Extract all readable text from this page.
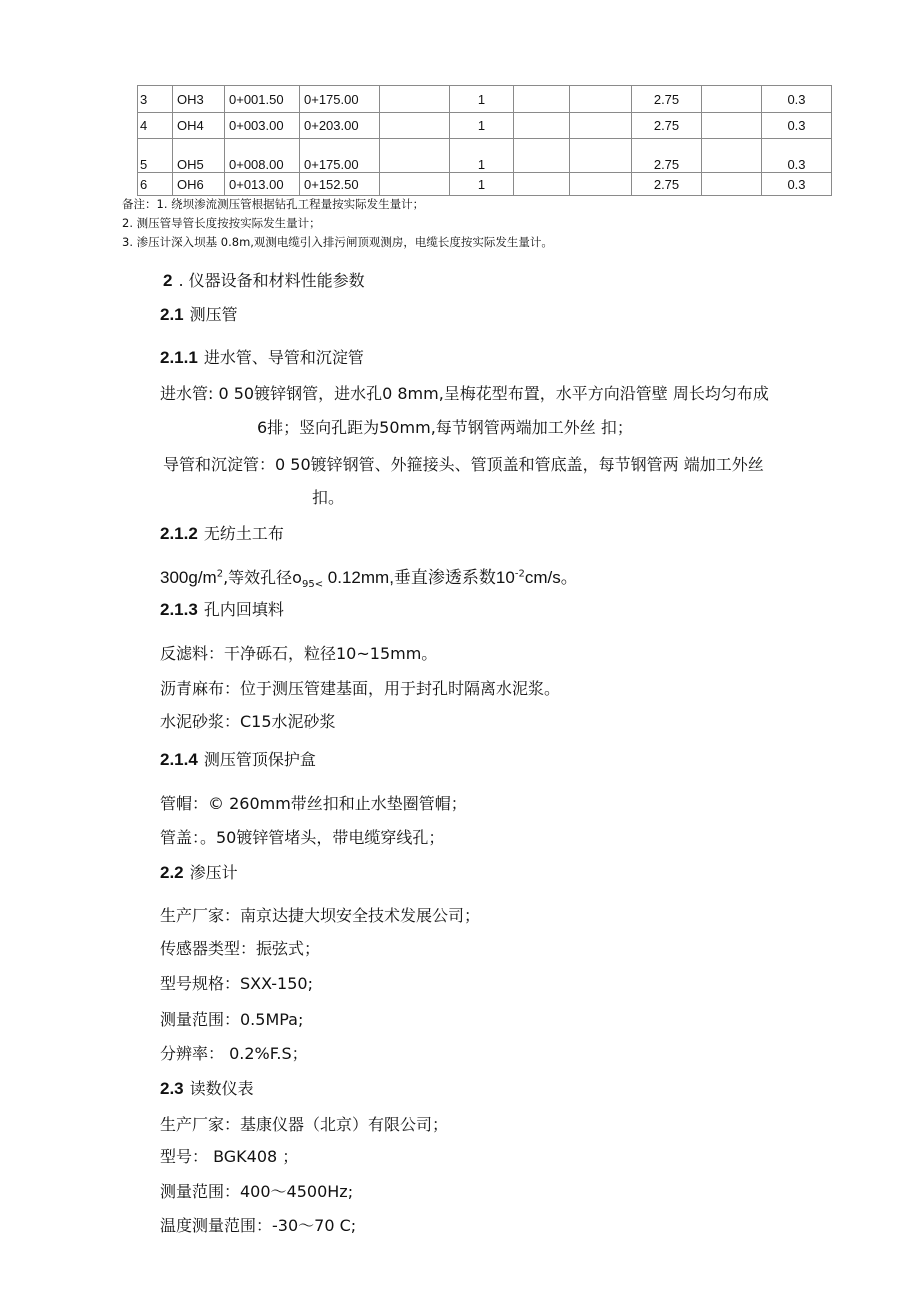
3	OH3	0+001.50	0+175.00		1			2.75		0.3
4	OH4	0+003.00	0+203.00		1			2.75		0.3
5	OH5	0+008.00	0+175.00		1			2.75		0.3
6	OH6	0+013.00	0+152.50		1			2.75		0.3
备注：1. 绕坝渗流测压管根据钻孔工程量按实际发生量计；
2. 测压管导管长度按按实际发生量计；
3. 渗压计深入坝基 0.8m,观测电缆引入排污闸顶观测房，电缆长度按实际发生量计。
2 . 仪器设备和材料性能参数
2.1 测压管
2.1.1 进水管、导管和沉淀管
进水管: 0 50镀锌钢管，进水孔0 8mm,呈梅花型布置，水平方向沿管壁 周长均匀布成
6排；竖向孔距为50mm,每节钢管两端加工外丝 扣；
导管和沉淀管：0 50镀锌钢管、外箍接头、管顶盖和管底盖，每节钢管两 端加工外丝
扣。
2.1.2 无纺土工布
$300g/m^2$,等效孔径$o_{95<}$ 0.12mm,垂直渗透系数$10^{-2}cm/s$。
2.1.3 孔内回填料
反滤料：干净砾石，粒径10~15mm。
沥青麻布：位于测压管建基面，用于封孔时隔离水泥浆。
水泥砂浆：C15水泥砂浆
2.1.4 测压管顶保护盒
管帽：© 260mm带丝扣和止水垫圈管帽；
管盖：。50镀锌管堵头，带电缆穿线孔；
2.2 渗压计
生产厂家：南京达捷大坝安全技术发展公司；
传感器类型：振弦式；
型号规格：SXX-150;
测量范围：0.5MPa;
分辨率： 0.2%F.S；
2.3 读数仪表
生产厂家：基康仪器（北京）有限公司；
型号： BGK408 ；
测量范围：400～4500Hz;
温度测量范围：-30～70 C;
